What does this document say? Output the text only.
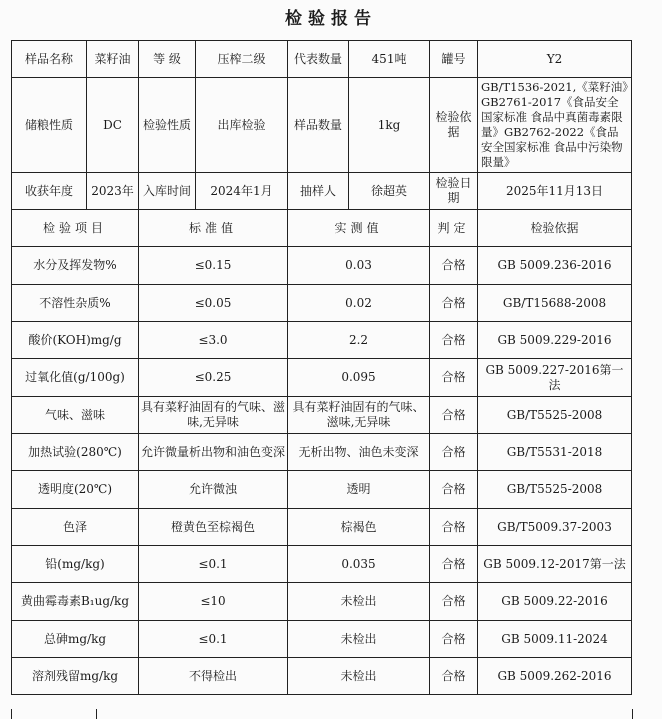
检验报告
样品名称	菜籽油	等 级	压榨二级	代表数量	451吨	罐号	Y2
储粮性质	DC	检验性质	出库检验	样品数量	1kg	检验依据	GB/T1536-2021,《菜籽油》GB2761-2017《食品安全国家标准 食品中真菌毒素限量》GB2762-2022《食品安全国家标准 食品中污染物限量》
收获年度	2023年	入库时间	2024年1月	抽样人	徐超英	检验日期	2025年11月13日
检验项目		标准值		实测值		判定	检验依据
水分及挥发物%		≤0.15		0.03		合格	GB 5009.236-2016
不溶性杂质%		≤0.05		0.02		合格	GB/T15688-2008
酸价(KOH)mg/g		≤3.0		2.2		合格	GB 5009.229-2016
过氧化值(g/100g)		≤0.25		0.095		合格	GB 5009.227-2016第一法
气味、滋味		具有菜籽油固有的气味、滋味,无异味		具有菜籽油固有的气味、滋味,无异味		合格	GB/T5525-2008
加热试验(280℃)		允许微量析出物和油色变深		无析出物、油色未变深		合格	GB/T5531-2018
透明度(20℃)		允许微浊		透明		合格	GB/T5525-2008
色泽		橙黄色至棕褐色		棕褐色		合格	GB/T5009.37-2003
铅(mg/kg)		≤0.1		0.035		合格	GB 5009.12-2017第一法
黄曲霉毒素B₁ug/kg		≤10		未检出		合格	GB 5009.22-2016
总砷mg/kg		≤0.1		未检出		合格	GB 5009.11-2024
溶剂残留mg/kg		不得检出		未检出		合格	GB 5009.262-2016
